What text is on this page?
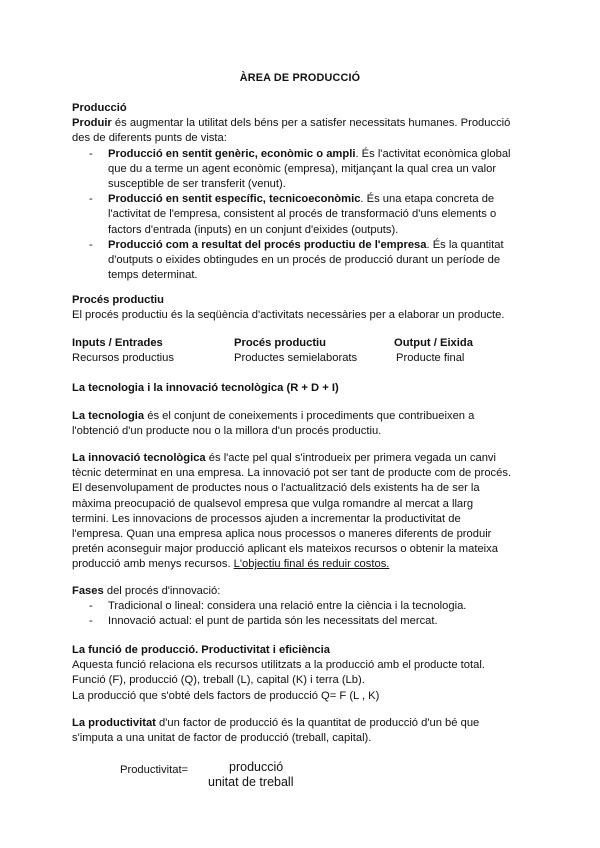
ÀREA DE PRODUCCIÓ

Producció

Produir és augmentar la utilitat dels béns per a satisfer necessitats humanes. Producció des de diferents punts de vista:

- Producció en sentit genèric, econòmic o ampli. És l'activitat econòmica global que du a terme un agent econòmic (empresa), mitjançant la qual crea un valor susceptible de ser transferit (venut).
- Producció en sentit específic, tecnicoeconòmic. És una etapa concreta de l'activitat de l'empresa, consistent al procés de transformació d'uns elements o factors d'entrada (inputs) en un conjunt d'eixides (outputs).
- Producció com a resultat del procés productiu de l'empresa. És la quantitat d'outputs o eixides obtingudes en un procés de producció durant un període de temps determinat.

Procés productiu

El procés productiu és la seqüència d'activitats necessàries per a elaborar un producte.

Inputs / Entrades	Procés productiu	Output / Eixida
Recursos productius	Productes semielaborats	Producte final

La tecnologia i la innovació tecnològica (R + D + I)

La tecnologia és el conjunt de coneixements i procediments que contribueixen a l'obtenció d'un producte nou o la millora d'un procés productiu.

La innovació tecnològica és l'acte pel qual s'introdueix per primera vegada un canvi tècnic determinat en una empresa. La innovació pot ser tant de producte com de procés.

El desenvolupament de productes nous o l'actualització dels existents ha de ser la màxima preocupació de qualsevol empresa que vulga romandre al mercat a llarg termini. Les innovacions de processos ajuden a incrementar la productivitat de l'empresa. Quan una empresa aplica nous processos o maneres diferents de produir pretén aconseguir major producció aplicant els mateixos recursos o obtenir la mateixa producció amb menys recursos. L'objectiu final és reduir costos.

Fases del procés d'innovació:

- Tradicional o lineal: considera una relació entre la ciència i la tecnologia.
- Innovació actual: el punt de partida són les necessitats del mercat.

La funció de producció. Productivitat i eficiència

Aquesta funció relaciona els recursos utilitzats a la producció amb el producte total. Funció (F), producció (Q), treball (L), capital (K) i terra (Lb).

La producció que s'obté dels factors de producció Q= F (L , K)

La productivitat d'un factor de producció és la quantitat de producció d'un bé que s'imputa a una unitat de factor de producció (treball, capital).

Productivitat=	producció
unitat de treball
